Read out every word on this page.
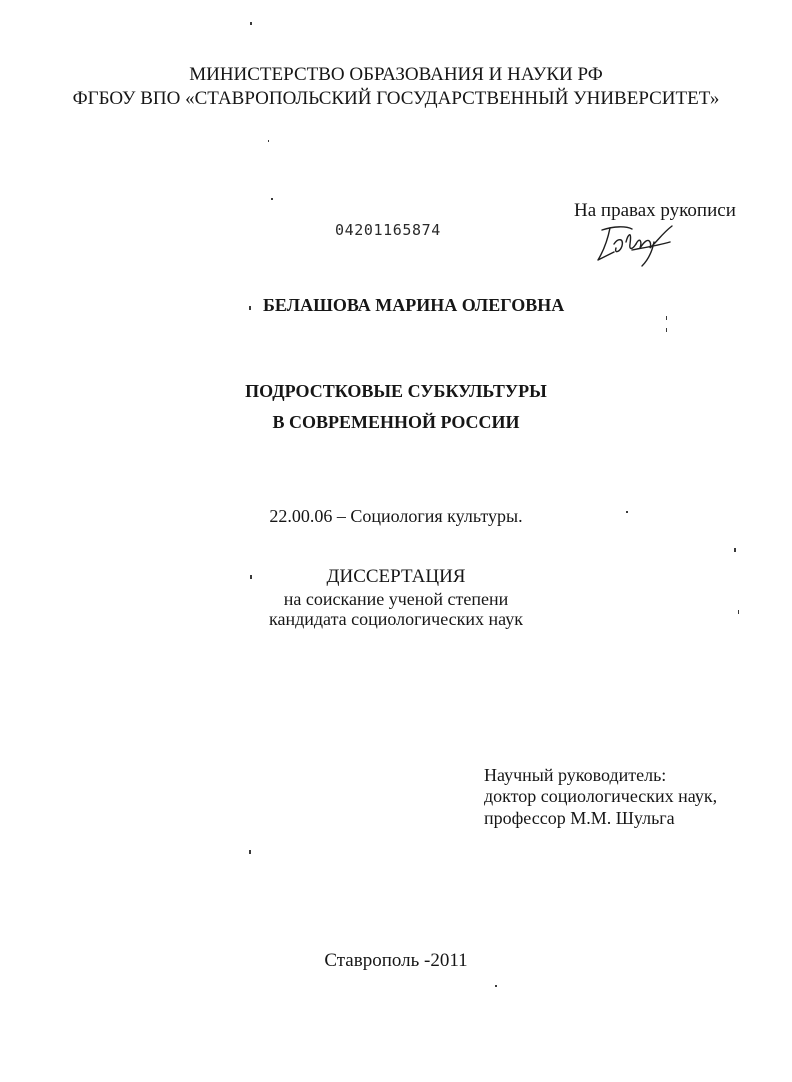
МИНИСТЕРСТВО ОБРАЗОВАНИЯ И НАУКИ РФ
ФГБОУ ВПО «СТАВРОПОЛЬСКИЙ ГОСУДАРСТВЕННЫЙ УНИВЕРСИТЕТ»
На правах рукописи
04201165874
БЕЛАШОВА МАРИНА ОЛЕГОВНА
ПОДРОСТКОВЫЕ СУБКУЛЬТУРЫ
В СОВРЕМЕННОЙ РОССИИ
22.00.06 – Социология культуры.
ДИССЕРТАЦИЯ
на соискание ученой степени
кандидата социологических наук
Научный руководитель:
доктор социологических наук,
профессор М.М. Шульга
Ставрополь -2011
